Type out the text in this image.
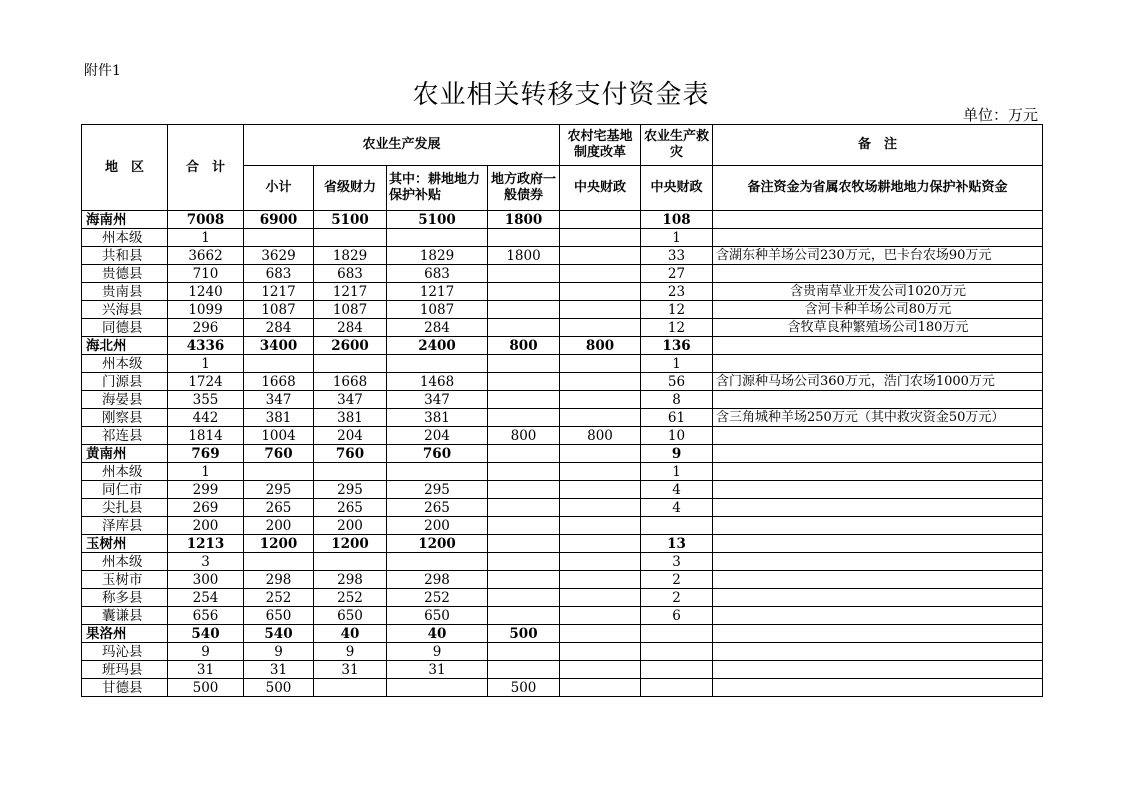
附件1
农业相关转移支付资金表
单位：万元
地　区	合　计	农业生产发展				农村宅基地制度改革	农业生产救灾	备　注
		小计	省级财力	其中：耕地地力保护补贴	地方政府一般债券	中央财政	中央财政	备注资金为省属农牧场耕地地力保护补贴资金
海南州	7008	6900	5100	5100	1800		108	
州本级	1						1	
共和县	3662	3629	1829	1829	1800		33	含湖东种羊场公司230万元，巴卡台农场90万元
贵德县	710	683	683	683			27	
贵南县	1240	1217	1217	1217			23	含贵南草业开发公司1020万元
兴海县	1099	1087	1087	1087			12	含河卡种羊场公司80万元
同德县	296	284	284	284			12	含牧草良种繁殖场公司180万元
海北州	4336	3400	2600	2400	800	800	136	
州本级	1						1	
门源县	1724	1668	1668	1468			56	含门源种马场公司360万元，浩门农场1000万元
海晏县	355	347	347	347			8	
刚察县	442	381	381	381			61	含三角城种羊场250万元（其中救灾资金50万元）
祁连县	1814	1004	204	204	800	800	10	
黄南州	769	760	760	760			9	
州本级	1						1	
同仁市	299	295	295	295			4	
尖扎县	269	265	265	265			4	
泽库县	200	200	200	200				
玉树州	1213	1200	1200	1200			13	
州本级	3						3	
玉树市	300	298	298	298			2	
称多县	254	252	252	252			2	
囊谦县	656	650	650	650			6	
果洛州	540	540	40	40	500			
玛沁县	9	9	9	9				
班玛县	31	31	31	31				
甘德县	500	500			500			
